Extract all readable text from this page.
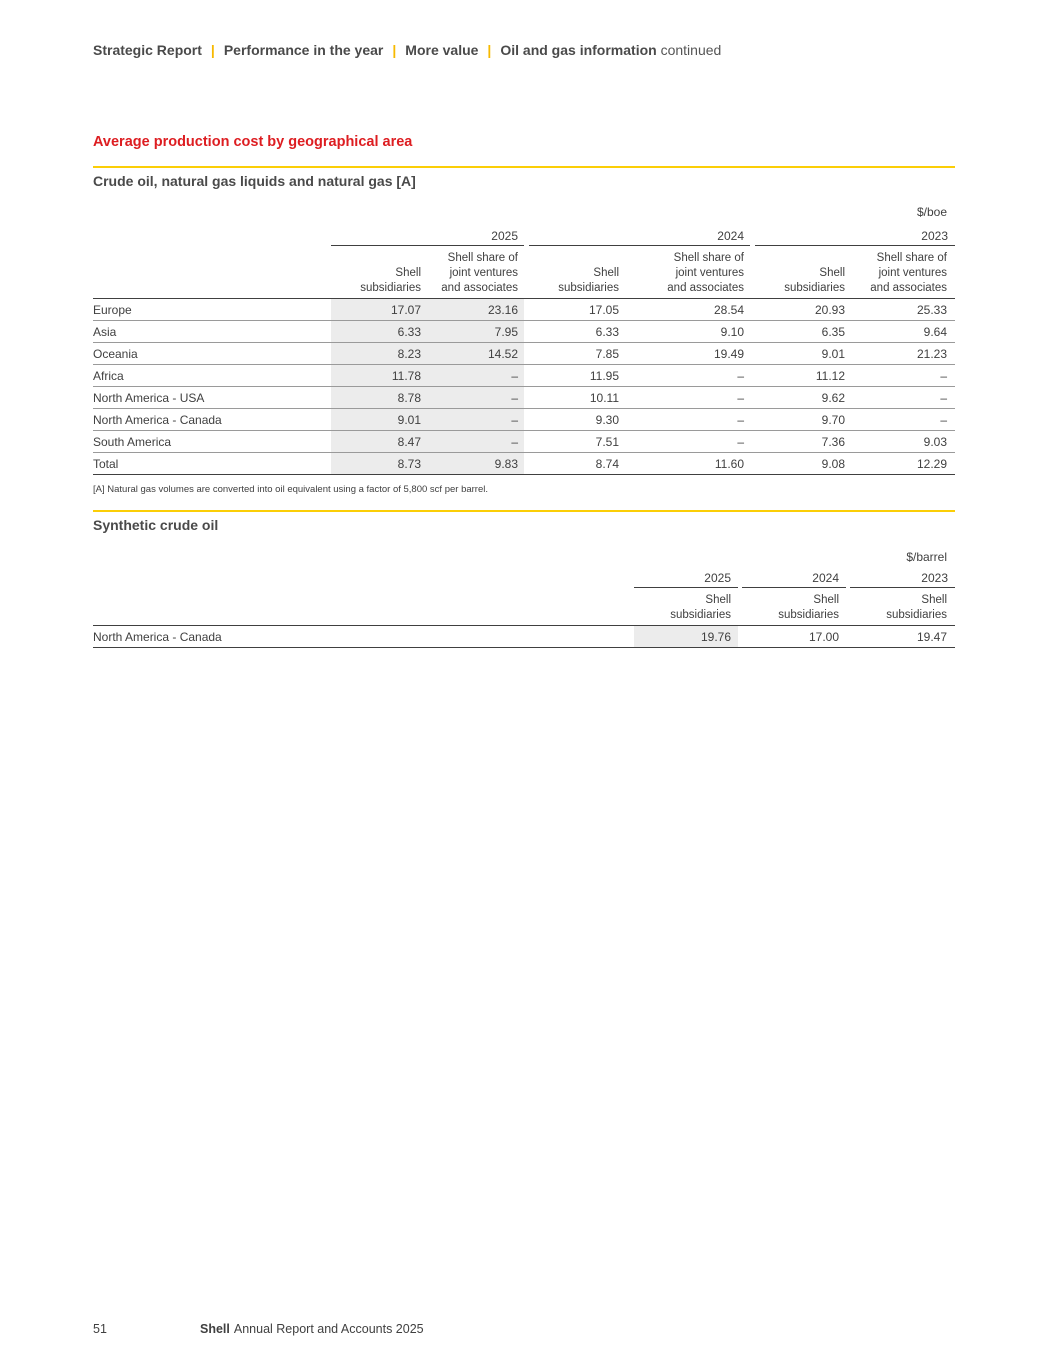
Strategic Report | Performance in the year | More value | Oil and gas information continued
Average production cost by geographical area
Crude oil, natural gas liquids and natural gas [A]
$/boe
2025	2024	2023
Shell
subsidiaries
Shell share of
joint ventures
and associates
Shell
subsidiaries
Shell share of
joint ventures
and associates
Shell
subsidiaries
Shell share of
joint ventures
and associates
Europe	17.07	23.16	17.05	28.54	20.93	25.33
Asia	6.33	7.95	6.33	9.10	6.35	9.64
Oceania	8.23	14.52	7.85	19.49	9.01	21.23
Africa	11.78	–	11.95	–	11.12	–
North America - USA	8.78	–	10.11	–	9.62	–
North America - Canada	9.01	–	9.30	–	9.70	–
South America	8.47	–	7.51	–	7.36	9.03
Total	8.73	9.83	8.74	11.60	9.08	12.29
[A] Natural gas volumes are converted into oil equivalent using a factor of 5,800 scf per barrel.
Synthetic crude oil
$/barrel
2025	2024	2023
Shell
subsidiaries
Shell
subsidiaries
Shell
subsidiaries
North America - Canada	19.76	17.00	19.47
51	Shell Annual Report and Accounts 2025
